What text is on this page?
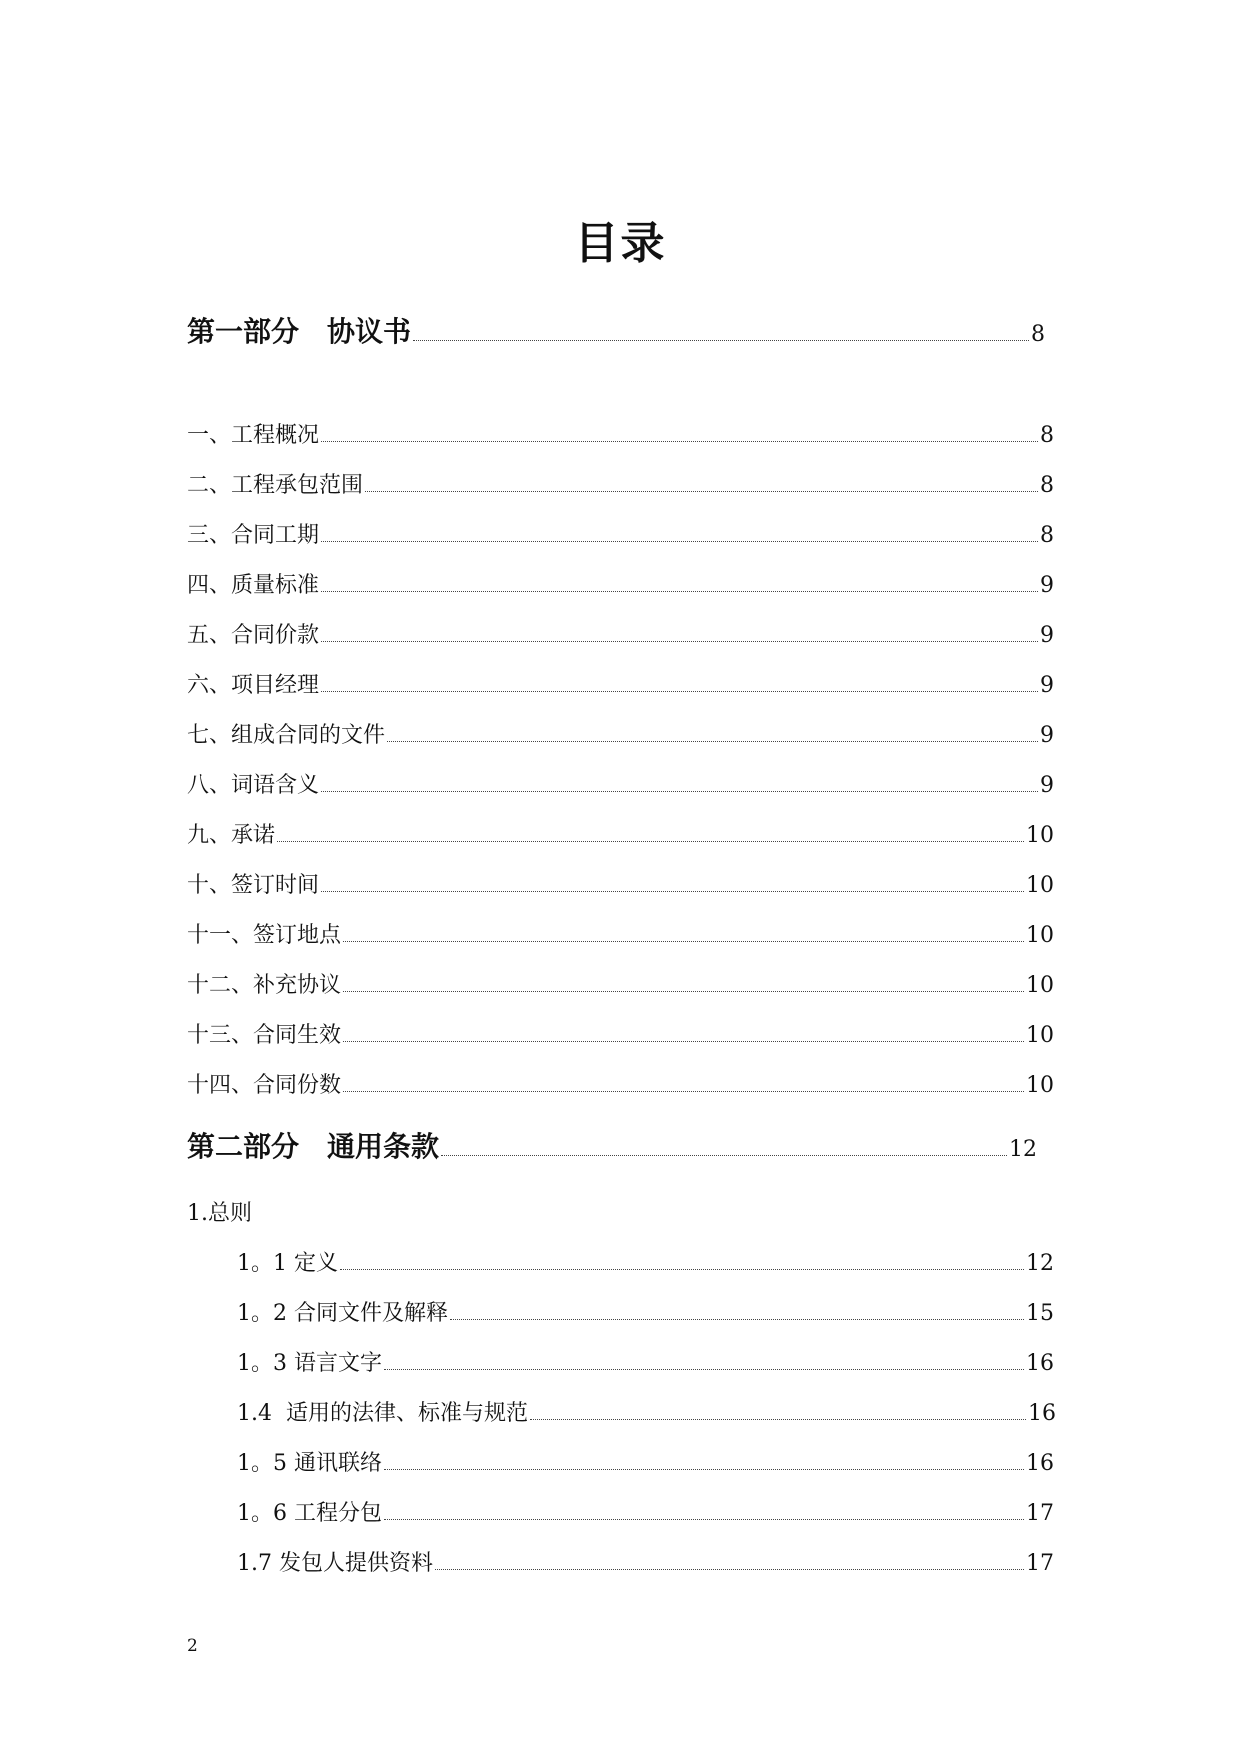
目录
第一部分　协议书	8
一、工程概况	8
二、工程承包范围	8
三、合同工期	8
四、质量标准	9
五、合同价款	9
六、项目经理	9
七、组成合同的文件	9
八、词语含义	9
九、承诺	10
十、签订时间	10
十一、签订地点	10
十二、补充协议	10
十三、合同生效	10
十四、合同份数	10
第二部分　通用条款	12
1.总则
1。1 定义	12
1。2 合同文件及解释	15
1。3 语言文字	16
1.4  适用的法律、标准与规范	16
1。5 通讯联络	16
1。6 工程分包	17
1.7 发包人提供资料	17
2
